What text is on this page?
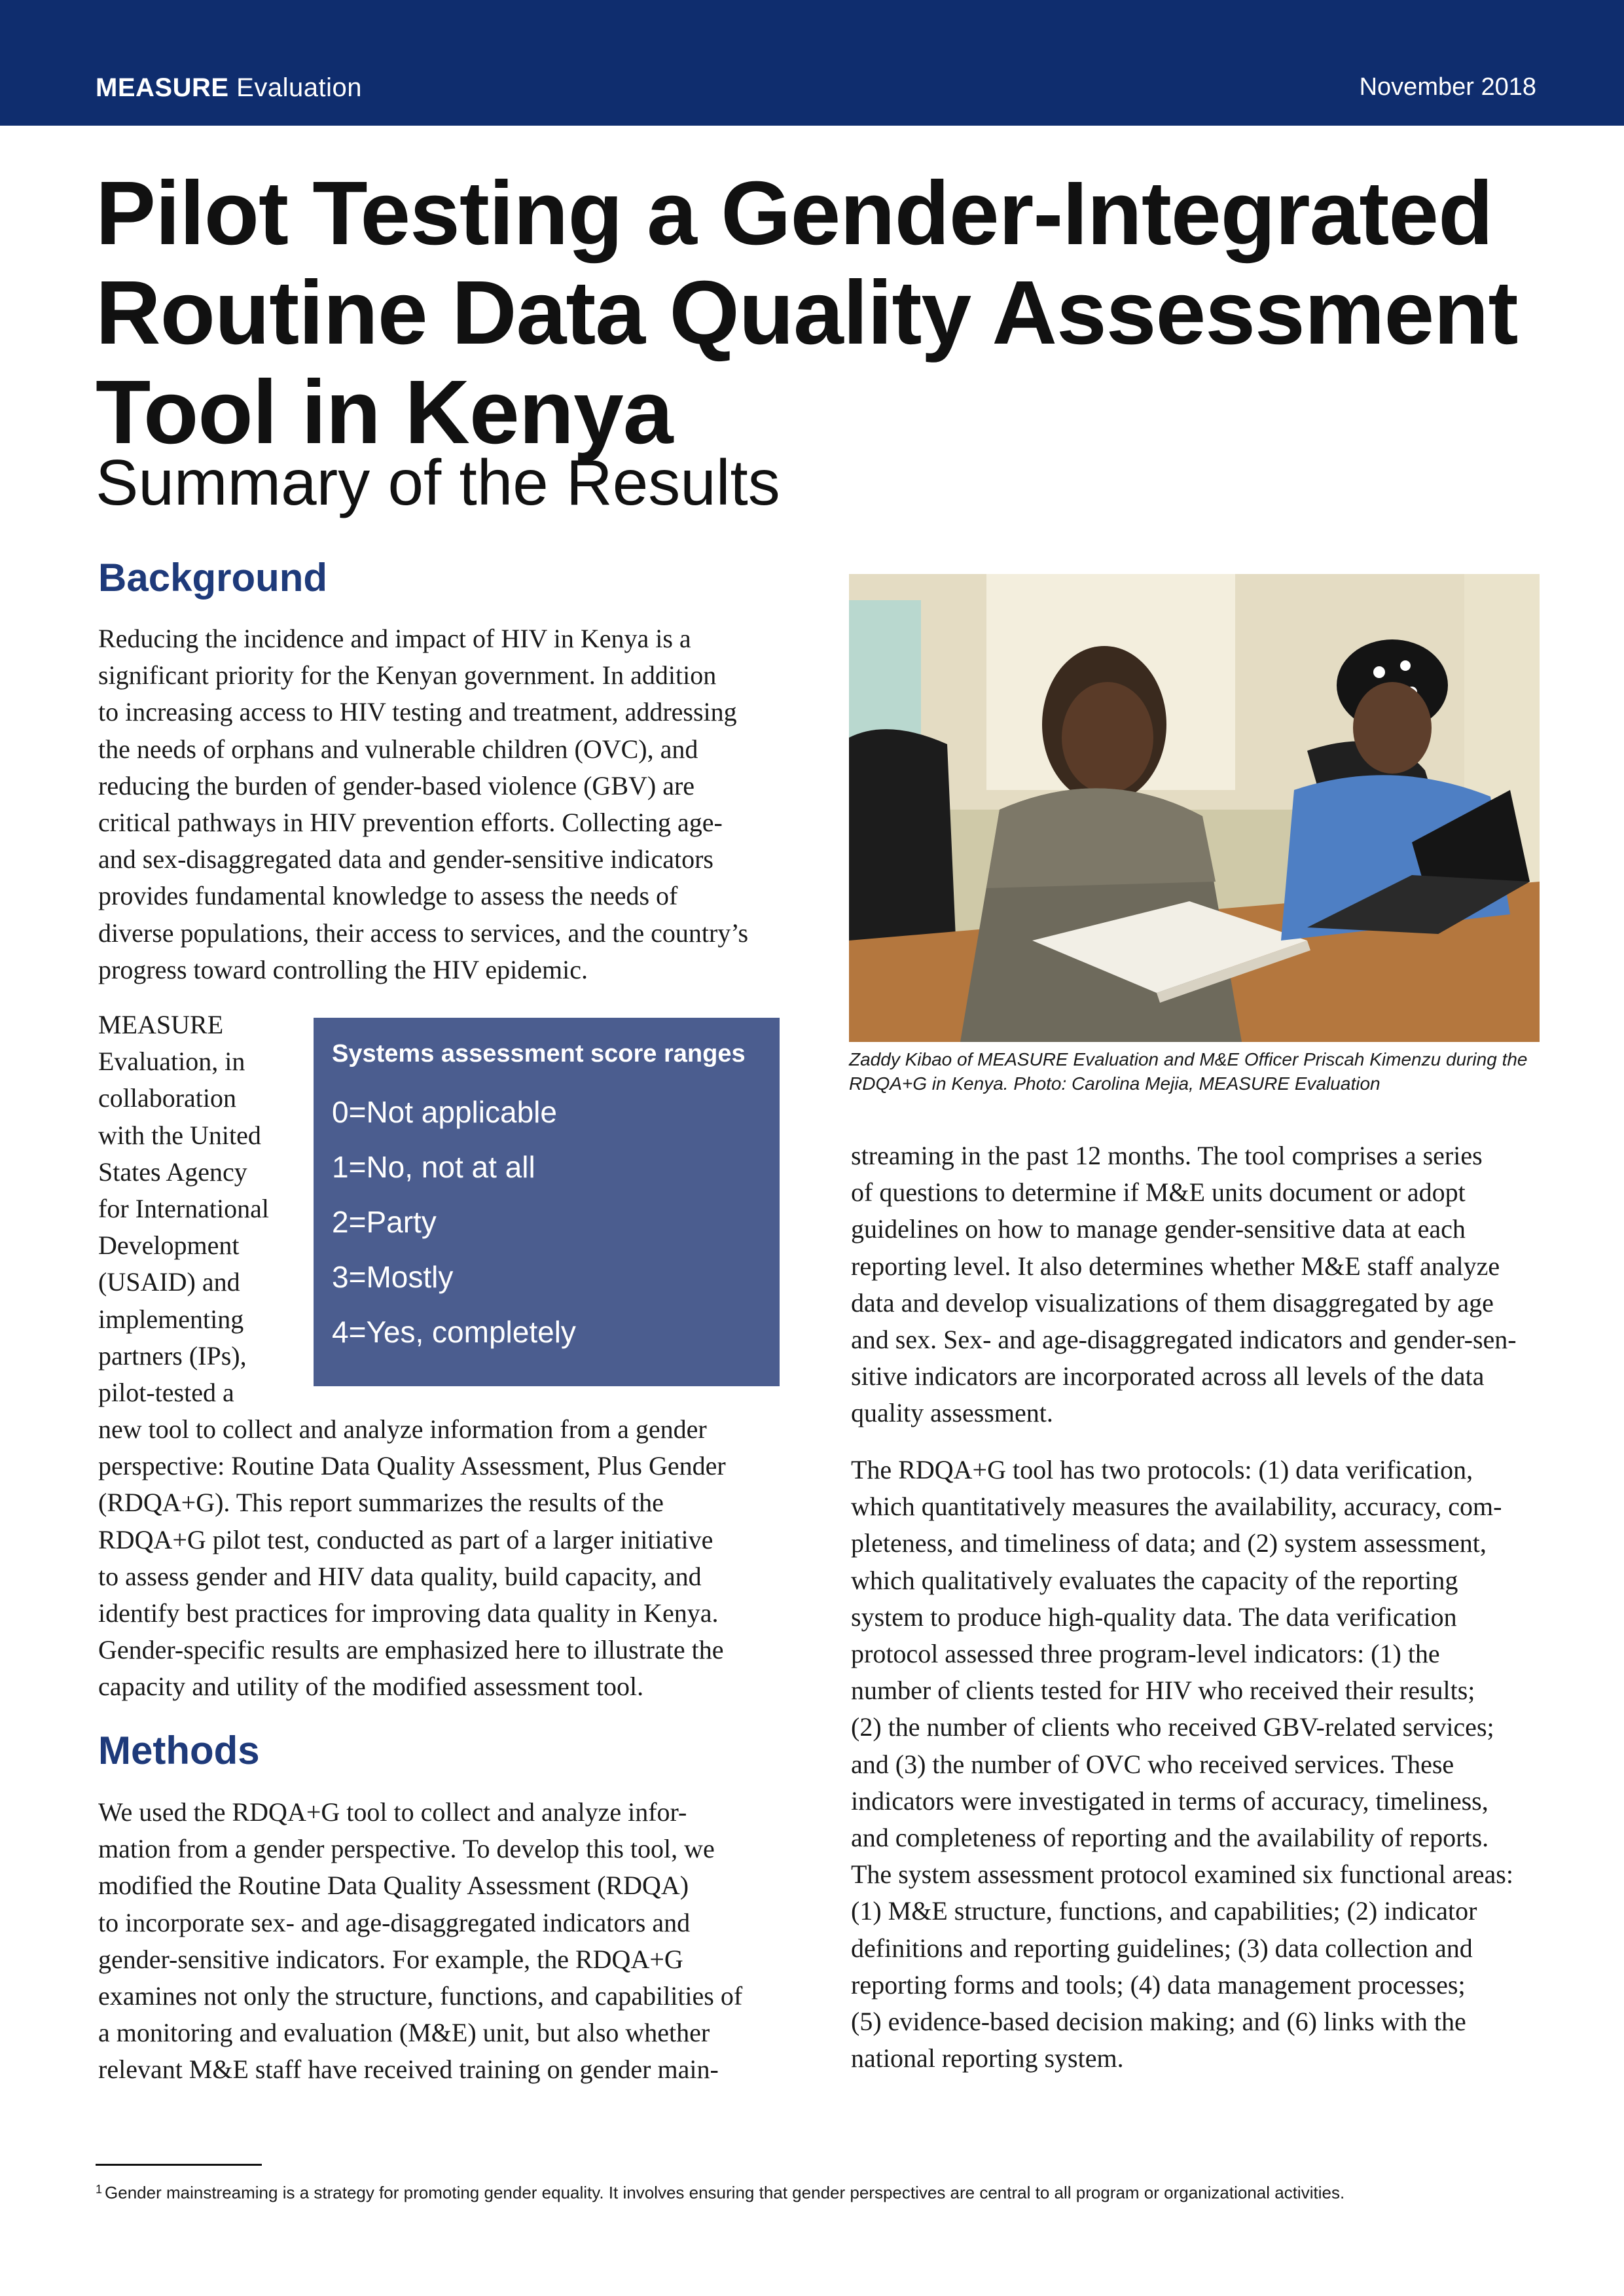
MEASURE Evaluation	November 2018
Pilot Testing a Gender-Integrated
Routine Data Quality Assessment
Tool in Kenya
Summary of the Results
Background

Reducing the incidence and impact of HIV in Kenya is a
significant priority for the Kenyan government. In addition
to increasing access to HIV testing and treatment, addressing
the needs of orphans and vulnerable children (OVC), and
reducing the burden of gender-based violence (GBV) are
critical pathways in HIV prevention efforts. Collecting age-
and sex-disaggregated data and gender-sensitive indicators
provides fundamental knowledge to assess the needs of
diverse populations, their access to services, and the country’s
progress toward controlling the HIV epidemic.

MEASURE
Evaluation, in
collaboration
with the United
States Agency
for International
Development
(USAID) and
implementing
partners (IPs),
pilot-tested a

Systems assessment score ranges

0=Not applicable

1=No, not at all

2=Party

3=Mostly

4=Yes, completely

new tool to collect and analyze information from a gender
perspective: Routine Data Quality Assessment, Plus Gender
(RDQA+G). This report summarizes the results of the
RDQA+G pilot test, conducted as part of a larger initiative
to assess gender and HIV data quality, build capacity, and
identify best practices for improving data quality in Kenya.
Gender-specific results are emphasized here to illustrate the
capacity and utility of the modified assessment tool.

Methods

We used the RDQA+G tool to collect and analyze infor-
mation from a gender perspective. To develop this tool, we
modified the Routine Data Quality Assessment (RDQA)
to incorporate sex- and age-disaggregated indicators and
gender-sensitive indicators. For example, the RDQA+G
examines not only the structure, functions, and capabilities of
a monitoring and evaluation (M&E) unit, but also whether
relevant M&E staff have received training on gender main-

Zaddy Kibao of MEASURE Evaluation and M&E Officer Priscah Kimenzu during the
RDQA+G in Kenya. Photo: Carolina Mejia, MEASURE Evaluation

streaming in the past 12 months. The tool comprises a series
of questions to determine if M&E units document or adopt
guidelines on how to manage gender-sensitive data at each
reporting level. It also determines whether M&E staff analyze
data and develop visualizations of them disaggregated by age
and sex. Sex- and age-disaggregated indicators and gender-sen-
sitive indicators are incorporated across all levels of the data
quality assessment.

The RDQA+G tool has two protocols: (1) data verification,
which quantitatively measures the availability, accuracy, com-
pleteness, and timeliness of data; and (2) system assessment,
which qualitatively evaluates the capacity of the reporting
system to produce high-quality data. The data verification
protocol assessed three program-level indicators: (1) the
number of clients tested for HIV who received their results;
(2) the number of clients who received GBV-related services;
and (3) the number of OVC who received services. These
indicators were investigated in terms of accuracy, timeliness,
and completeness of reporting and the availability of reports.
The system assessment protocol examined six functional areas:
(1) M&E structure, functions, and capabilities; (2) indicator
definitions and reporting guidelines; (3) data collection and
reporting forms and tools; (4) data management processes;
(5) evidence-based decision making; and (6) links with the
national reporting system.

$^1$ Gender mainstreaming is a strategy for promoting gender equality. It involves ensuring that gender perspectives are central to all program or organizational activities.
